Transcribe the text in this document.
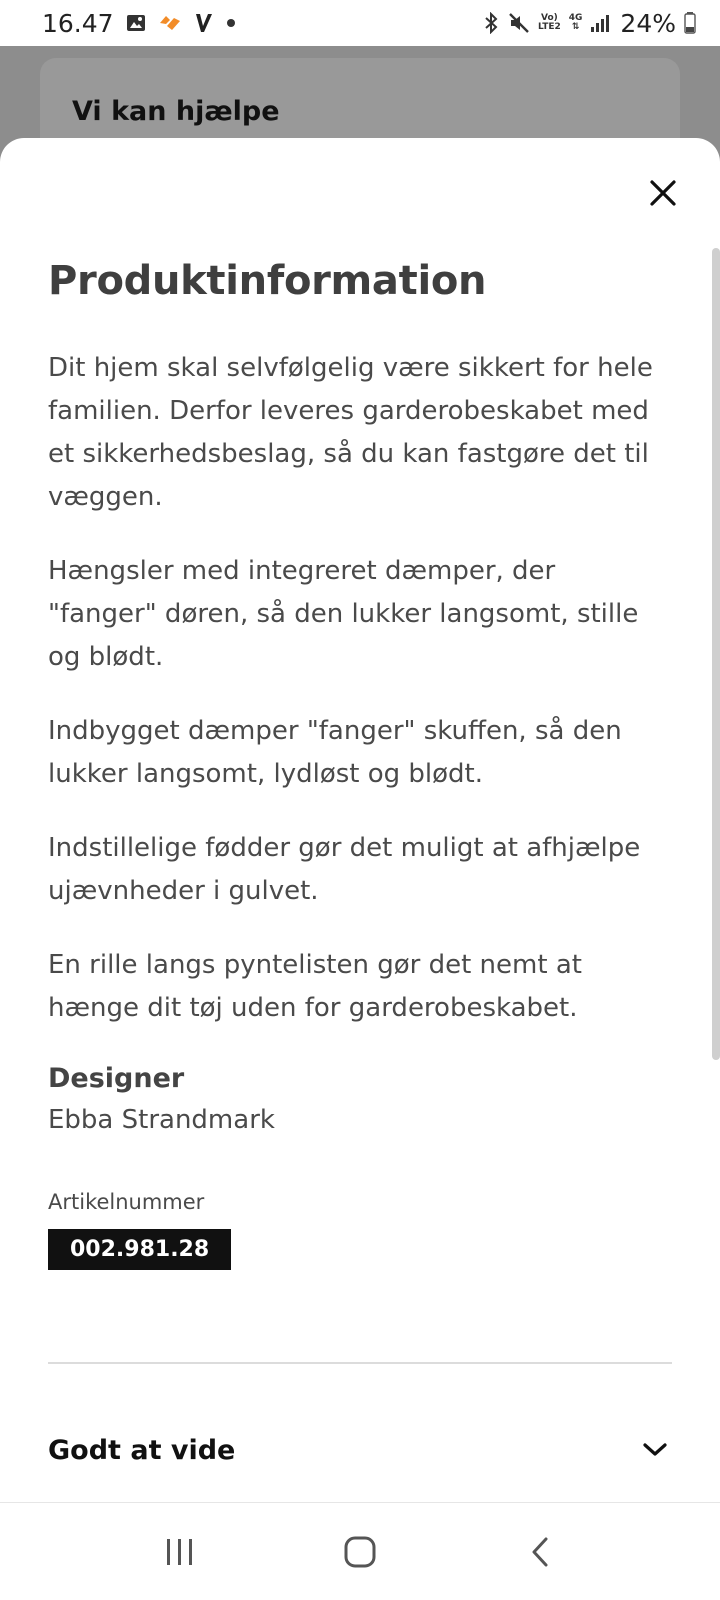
16.47	Vo)
LTE2
4G
⇅ 24%
Vi kan hjælpe
Produktinformation

Dit hjem skal selvfølgelig være sikkert for hele familien. Derfor leveres garderobeskabet med et sikkerhedsbeslag, så du kan fastgøre det til væggen.

Hængsler med integreret dæmper, der "fanger" døren, så den lukker langsomt, stille og blødt.

Indbygget dæmper "fanger" skuffen, så den lukker langsomt, lydløst og blødt.

Indstillelige fødder gør det muligt at afhjælpe ujævnheder i gulvet.

En rille langs pyntelisten gør det nemt at hænge dit tøj uden for garderobeskabet.

Designer
Ebba Strandmark
Artikelnummer
002.981.28
Godt at vide
